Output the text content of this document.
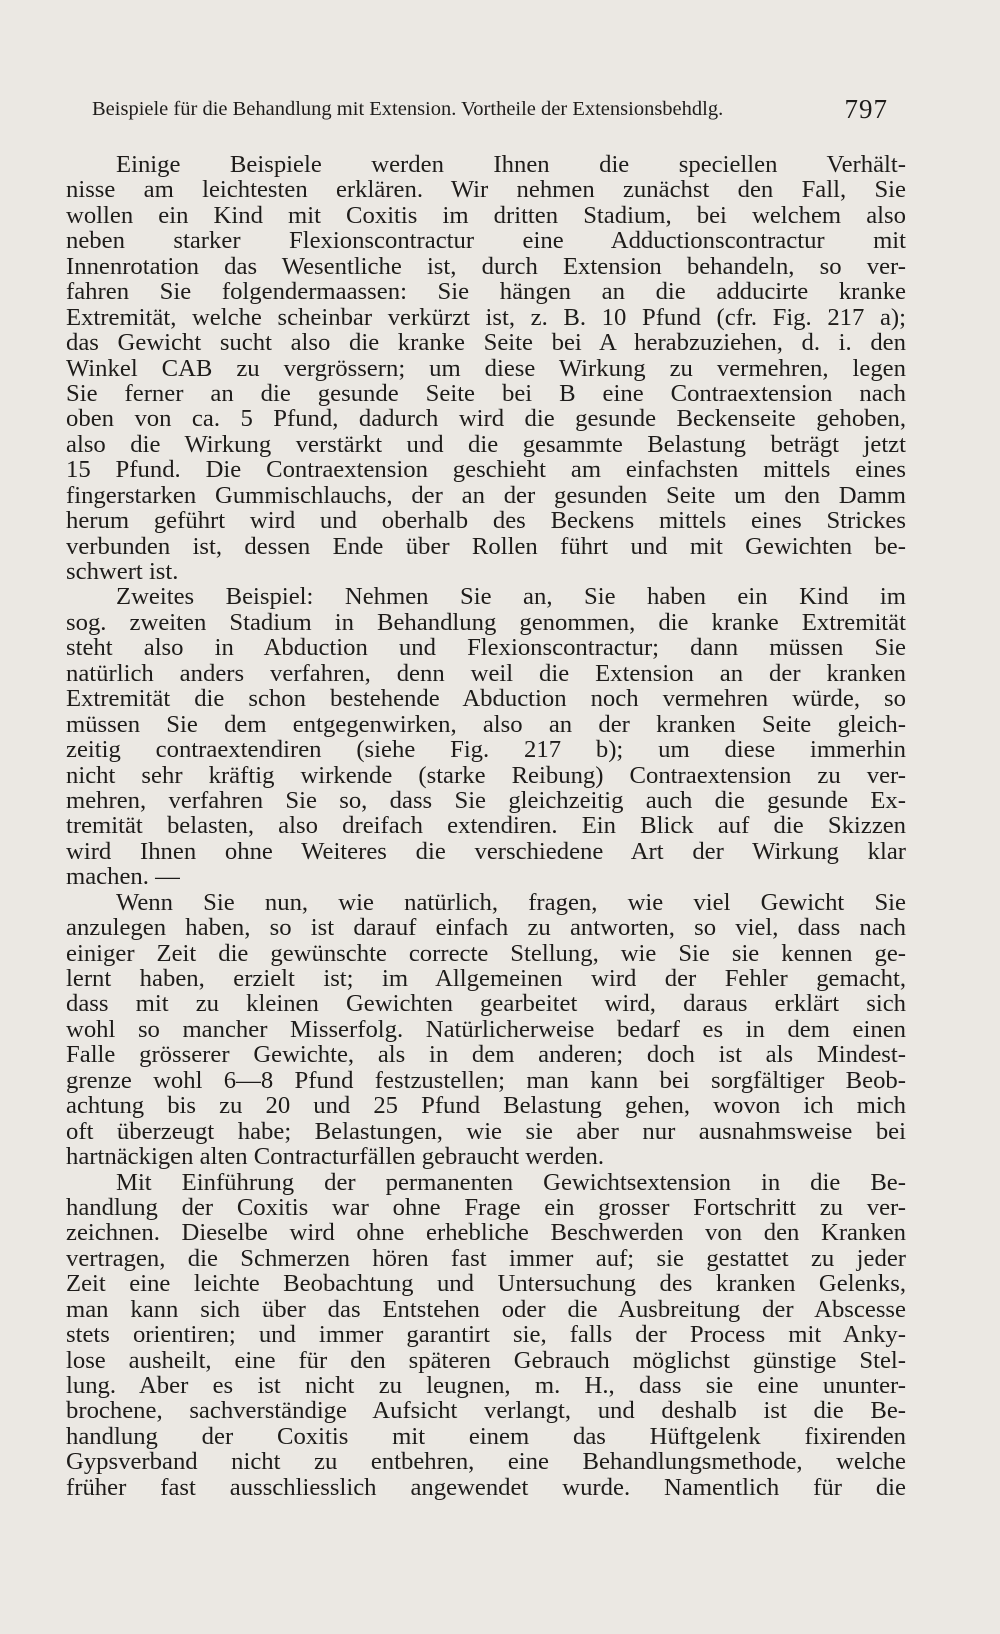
Beispiele für die Behandlung mit Extension. Vortheile der Extensionsbehdlg.	797
Einige Beispiele werden Ihnen die speciellen Verhält-
nisse am leichtesten erklären. Wir nehmen zunächst den Fall, Sie
wollen ein Kind mit Coxitis im dritten Stadium, bei welchem also
neben starker Flexionscontractur eine Adductionscontractur mit
Innenrotation das Wesentliche ist, durch Extension behandeln, so ver-
fahren Sie folgendermaassen: Sie hängen an die adducirte kranke
Extremität, welche scheinbar verkürzt ist, z. B. 10 Pfund (cfr. Fig. 217 a);
das Gewicht sucht also die kranke Seite bei A herabzuziehen, d. i. den
Winkel CAB zu vergrössern; um diese Wirkung zu vermehren, legen
Sie ferner an die gesunde Seite bei B eine Contraextension nach
oben von ca. 5 Pfund, dadurch wird die gesunde Beckenseite gehoben,
also die Wirkung verstärkt und die gesammte Belastung beträgt jetzt
15 Pfund. Die Contraextension geschieht am einfachsten mittels eines
fingerstarken Gummischlauchs, der an der gesunden Seite um den Damm
herum geführt wird und oberhalb des Beckens mittels eines Strickes
verbunden ist, dessen Ende über Rollen führt und mit Gewichten be-
schwert ist.
Zweites Beispiel: Nehmen Sie an, Sie haben ein Kind im
sog. zweiten Stadium in Behandlung genommen, die kranke Extremität
steht also in Abduction und Flexionscontractur; dann müssen Sie
natürlich anders verfahren, denn weil die Extension an der kranken
Extremität die schon bestehende Abduction noch vermehren würde, so
müssen Sie dem entgegenwirken, also an der kranken Seite gleich-
zeitig contraextendiren (siehe Fig. 217 b); um diese immerhin
nicht sehr kräftig wirkende (starke Reibung) Contraextension zu ver-
mehren, verfahren Sie so, dass Sie gleichzeitig auch die gesunde Ex-
tremität belasten, also dreifach extendiren. Ein Blick auf die Skizzen
wird Ihnen ohne Weiteres die verschiedene Art der Wirkung klar
machen. —
Wenn Sie nun, wie natürlich, fragen, wie viel Gewicht Sie
anzulegen haben, so ist darauf einfach zu antworten, so viel, dass nach
einiger Zeit die gewünschte correcte Stellung, wie Sie sie kennen ge-
lernt haben, erzielt ist; im Allgemeinen wird der Fehler gemacht,
dass mit zu kleinen Gewichten gearbeitet wird, daraus erklärt sich
wohl so mancher Misserfolg. Natürlicherweise bedarf es in dem einen
Falle grösserer Gewichte, als in dem anderen; doch ist als Mindest-
grenze wohl 6—8 Pfund festzustellen; man kann bei sorgfältiger Beob-
achtung bis zu 20 und 25 Pfund Belastung gehen, wovon ich mich
oft überzeugt habe; Belastungen, wie sie aber nur ausnahmsweise bei
hartnäckigen alten Contracturfällen gebraucht werden.
Mit Einführung der permanenten Gewichtsextension in die Be-
handlung der Coxitis war ohne Frage ein grosser Fortschritt zu ver-
zeichnen. Dieselbe wird ohne erhebliche Beschwerden von den Kranken
vertragen, die Schmerzen hören fast immer auf; sie gestattet zu jeder
Zeit eine leichte Beobachtung und Untersuchung des kranken Gelenks,
man kann sich über das Entstehen oder die Ausbreitung der Abscesse
stets orientiren; und immer garantirt sie, falls der Process mit Anky-
lose ausheilt, eine für den späteren Gebrauch möglichst günstige Stel-
lung. Aber es ist nicht zu leugnen, m. H., dass sie eine ununter-
brochene, sachverständige Aufsicht verlangt, und deshalb ist die Be-
handlung der Coxitis mit einem das Hüftgelenk fixirenden
Gypsverband nicht zu entbehren, eine Behandlungsmethode, welche
früher fast ausschliesslich angewendet wurde. Namentlich für die
